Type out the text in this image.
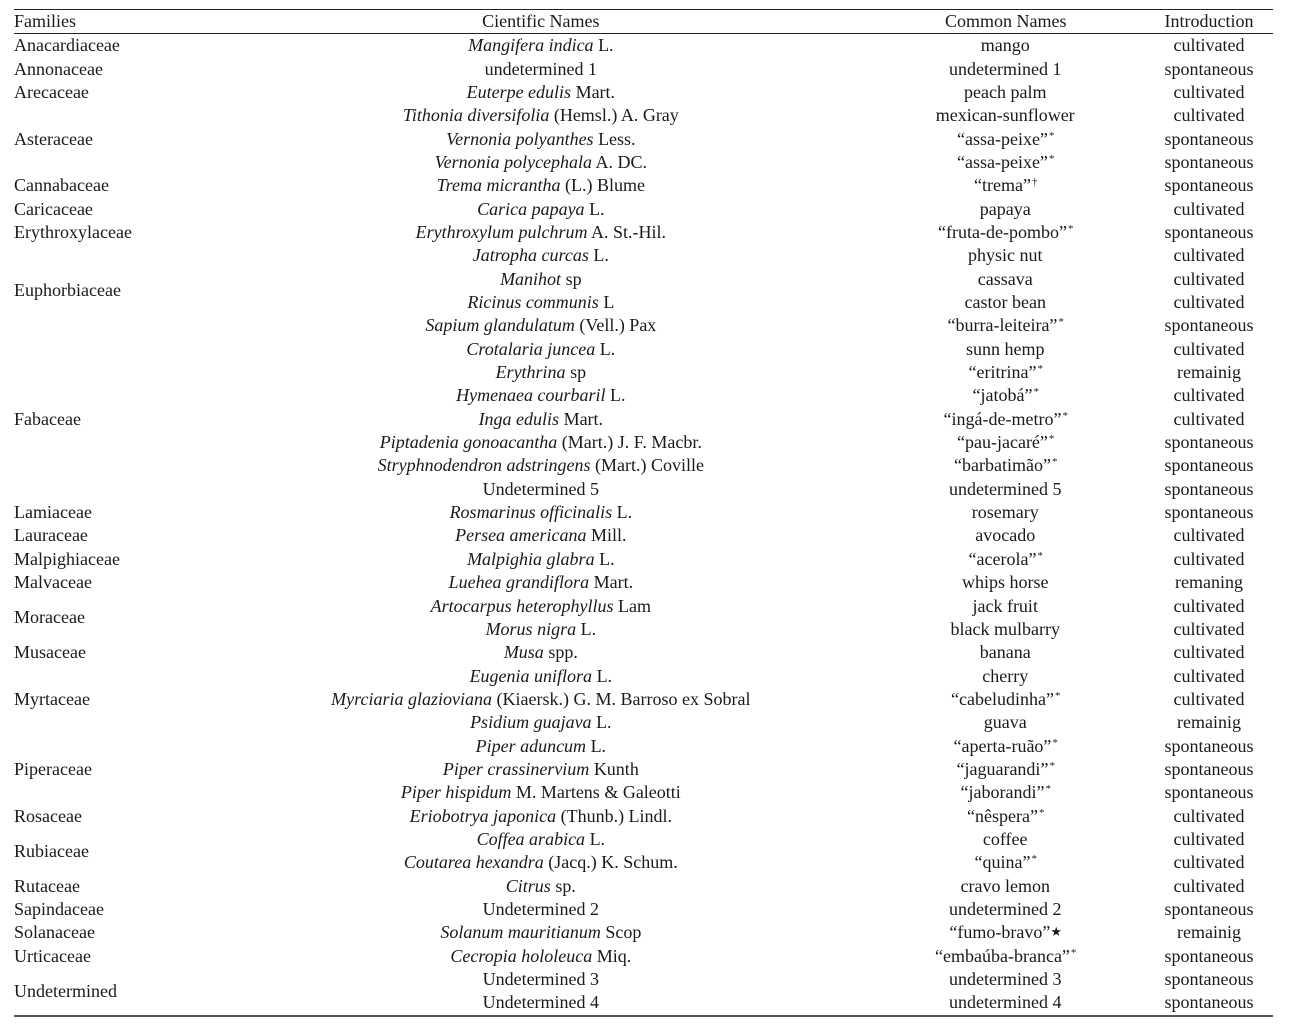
Families	Cientific Names	Common Names	Introduction
Anacardiaceae	Mangifera indica L.	mango	cultivated
Annonaceae	undetermined 1	undetermined 1	spontaneous
Arecaceae	Euterpe edulis Mart.	peach palm	cultivated
	Tithonia diversifolia (Hemsl.) A. Gray	mexican-sunflower	cultivated
Asteraceae	Vernonia polyanthes Less.	“assa-peixe”*	spontaneous
	Vernonia polycephala A. DC.	“assa-peixe”*	spontaneous
Cannabaceae	Trema micrantha (L.) Blume	“trema”†	spontaneous
Caricaceae	Carica papaya L.	papaya	cultivated
Erythroxylaceae	Erythroxylum pulchrum A. St.-Hil.	“fruta-de-pombo”*	spontaneous
	Jatropha curcas L.	physic nut	cultivated
Euphorbiaceae	Manihot sp	cassava	cultivated
	Ricinus communis L	castor bean	cultivated
	Sapium glandulatum (Vell.) Pax	“burra-leiteira”*	spontaneous
	Crotalaria juncea L.	sunn hemp	cultivated
	Erythrina sp	“eritrina”*	remainig
	Hymenaea courbaril L.	“jatobá”*	cultivated
Fabaceae	Inga edulis Mart.	“ingá-de-metro”*	cultivated
	Piptadenia gonoacantha (Mart.) J. F. Macbr.	“pau-jacaré”*	spontaneous
	Stryphnodendron adstringens (Mart.) Coville	“barbatimão”*	spontaneous
	Undetermined 5	undetermined 5	spontaneous
Lamiaceae	Rosmarinus officinalis L.	rosemary	spontaneous
Lauraceae	Persea americana Mill.	avocado	cultivated
Malpighiaceae	Malpighia glabra L.	“acerola”*	cultivated
Malvaceae	Luehea grandiflora Mart.	whips horse	remaning
Moraceae	Artocarpus heterophyllus Lam	jack fruit	cultivated
	Morus nigra L.	black mulbarry	cultivated
Musaceae	Musa spp.	banana	cultivated
	Eugenia uniflora L.	cherry	cultivated
Myrtaceae	Myrciaria glazioviana (Kiaersk.) G. M. Barroso ex Sobral	“cabeludinha”*	cultivated
	Psidium guajava L.	guava	remainig
	Piper aduncum L.	“aperta-ruão”*	spontaneous
Piperaceae	Piper crassinervium Kunth	“jaguarandi”*	spontaneous
	Piper hispidum M. Martens & Galeotti	“jaborandi”*	spontaneous
Rosaceae	Eriobotrya japonica (Thunb.) Lindl.	“nêspera”*	cultivated
Rubiaceae	Coffea arabica L.	coffee	cultivated
	Coutarea hexandra (Jacq.) K. Schum.	“quina”*	cultivated
Rutaceae	Citrus sp.	cravo lemon	cultivated
Sapindaceae	Undetermined 2	undetermined 2	spontaneous
Solanaceae	Solanum mauritianum Scop	“fumo-bravo”★	remainig
Urticaceae	Cecropia hololeuca Miq.	“embaúba-branca”*	spontaneous
Undetermined	Undetermined 3	undetermined 3	spontaneous
	Undetermined 4	undetermined 4	spontaneous
